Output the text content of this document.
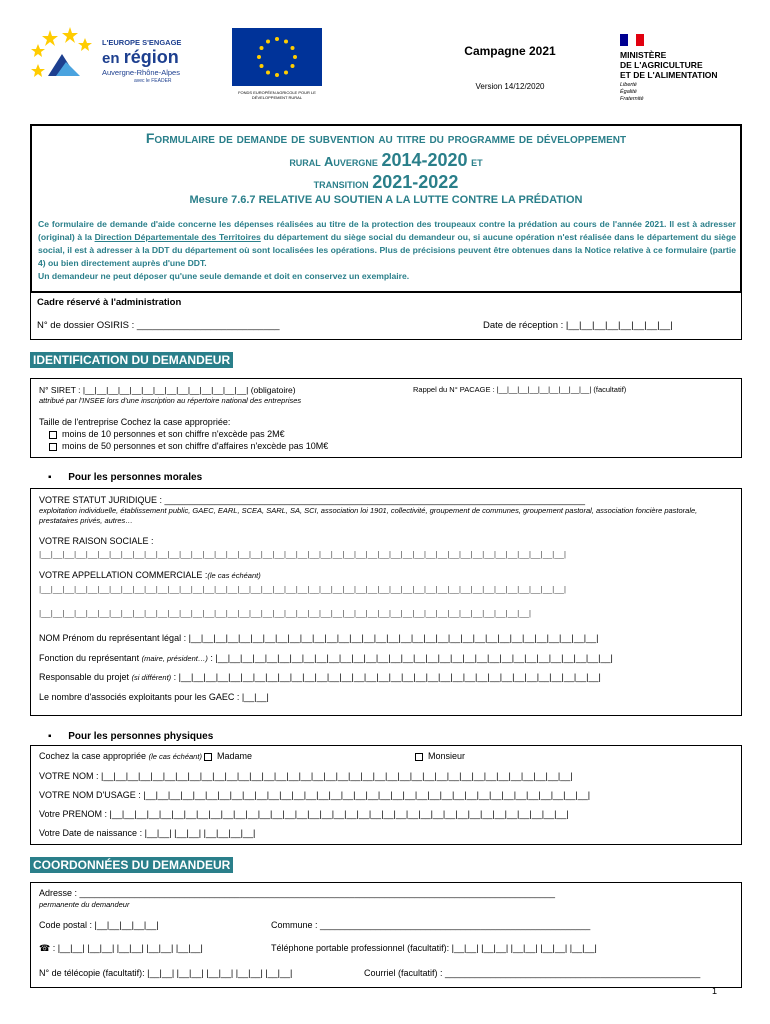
L'EUROPE S'ENGAGE
en région
Auvergne-Rhône-Alpes
avec le FEADER
FONDS EUROPÉEN AGRICOLE POUR LE DÉVELOPPEMENT RURAL
Campagne 2021
Version 14/12/2020
MINISTÈRE
DE L'AGRICULTURE
ET DE L'ALIMENTATION
Liberté
Égalité
Fraternité
Formulaire de demande de subvention au titre du programme de développement
rural Auvergne 2014-2020 et
transition 2021-2022
Mesure 7.6.7 RELATIVE AU SOUTIEN A LA LUTTE CONTRE LA PRÉDATION
Ce formulaire de demande d'aide concerne les dépenses réalisées au titre de la protection des troupeaux contre la prédation au cours de l'année 2021. Il est à adresser (original) à la Direction Départementale des Territoires du département du siège social du demandeur ou, si aucune opération n'est réalisée dans le département du siège social, il est à adresser à la DDT du département où sont localisées les opérations. Plus de précisions peuvent être obtenues dans la Notice relative à ce formulaire (partie 4) ou bien directement auprès d'une DDT.
Un demandeur ne peut déposer qu'une seule demande et doit en conservez un exemplaire.
Cadre réservé à l'administration
N° de dossier OSIRIS : ___________________________	Date de réception : |__|__|__|__|__|__|__|__|
IDENTIFICATION DU DEMANDEUR
N° SIRET : |__|__|__|__|__|__|__|__|__|__|__|__|__|__| (obligatoire)
attribué par l'INSEE lors d'une inscription au répertoire national des entreprises
Rappel du N° PACAGE : |__|__|__|__|__|__|__|__|__| (facultatif)
Taille de l'entreprise Cochez la case appropriée:
moins de 10 personnes et son chiffre n'excède pas 2M€
moins de 50 personnes et son chiffre d'affaires n'excède pas 10M€
▪      Pour les personnes morales
VOTRE STATUT JURIDIQUE : ____________________________________________________________________________________
exploitation individuelle, établissement public, GAEC, EARL, SCEA, SARL, SA, SCI, association loi 1901, collectivité, groupement de communes, groupement pastoral, association foncière pastorale, prestataires privés, autres…
VOTRE RAISON SOCIALE :
|__|__|__|__|__|__|__|__|__|__|__|__|__|__|__|__|__|__|__|__|__|__|__|__|__|__|__|__|__|__|__|__|__|__|__|__|__|__|__|__|__|__|__|__|__|
VOTRE APPELLATION COMMERCIALE :(le cas échéant)
|__|__|__|__|__|__|__|__|__|__|__|__|__|__|__|__|__|__|__|__|__|__|__|__|__|__|__|__|__|__|__|__|__|__|__|__|__|__|__|__|__|__|__|__|__|
|__|__|__|__|__|__|__|__|__|__|__|__|__|__|__|__|__|__|__|__|__|__|__|__|__|__|__|__|__|__|__|__|__|__|__|__|__|__|__|__|__|__|
NOM Prénom du représentant légal : |__|__|__|__|__|__|__|__|__|__|__|__|__|__|__|__|__|__|__|__|__|__|__|__|__|__|__|__|__|__|__|__|__|
Fonction du représentant (maire, président…) : |__|__|__|__|__|__|__|__|__|__|__|__|__|__|__|__|__|__|__|__|__|__|__|__|__|__|__|__|__|__|__|__|
Responsable du projet (si différent) : |__|__|__|__|__|__|__|__|__|__|__|__|__|__|__|__|__|__|__|__|__|__|__|__|__|__|__|__|__|__|__|__|__|__|
Le nombre d'associés exploitants pour les GAEC : |__|__|
▪      Pour les personnes physiques
Cochez la case appropriée (le cas échéant) Madame	Monsieur
VOTRE NOM : |__|__|__|__|__|__|__|__|__|__|__|__|__|__|__|__|__|__|__|__|__|__|__|__|__|__|__|__|__|__|__|__|__|__|__|__|__|__|
VOTRE NOM D'USAGE : |__|__|__|__|__|__|__|__|__|__|__|__|__|__|__|__|__|__|__|__|__|__|__|__|__|__|__|__|__|__|__|__|__|__|__|__|
Votre PRENOM : |__|__|__|__|__|__|__|__|__|__|__|__|__|__|__|__|__|__|__|__|__|__|__|__|__|__|__|__|__|__|__|__|__|__|__|__|__|
Votre Date de naissance : |__|__| |__|__| |__|__|__|__|
COORDONNÉES DU DEMANDEUR
Adresse : _______________________________________________________________________________________________
permanente du demandeur
Code postal : |__|__|__|__|__|	Commune : ______________________________________________________
☎ : |__|__| |__|__| |__|__| |__|__| |__|__|	Téléphone portable professionnel (facultatif): |__|__| |__|__| |__|__| |__|__| |__|__|
N° de télécopie (facultatif): |__|__| |__|__| |__|__| |__|__| |__|__|	Courriel (facultatif) : ___________________________________________________
1
